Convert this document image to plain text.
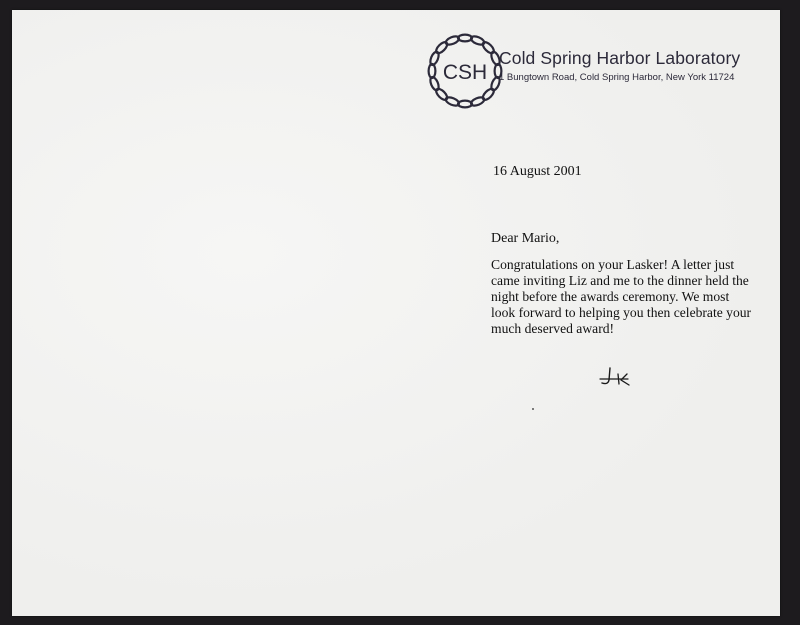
CSH
Cold Spring Harbor Laboratory
1 Bungtown Road, Cold Spring Harbor, New York 11724
16 August 2001
Dear Mario,
Congratulations on your Lasker! A letter just
came inviting Liz and me to the dinner held the
night before the awards ceremony. We most
look forward to helping you then celebrate your
much deserved award!
